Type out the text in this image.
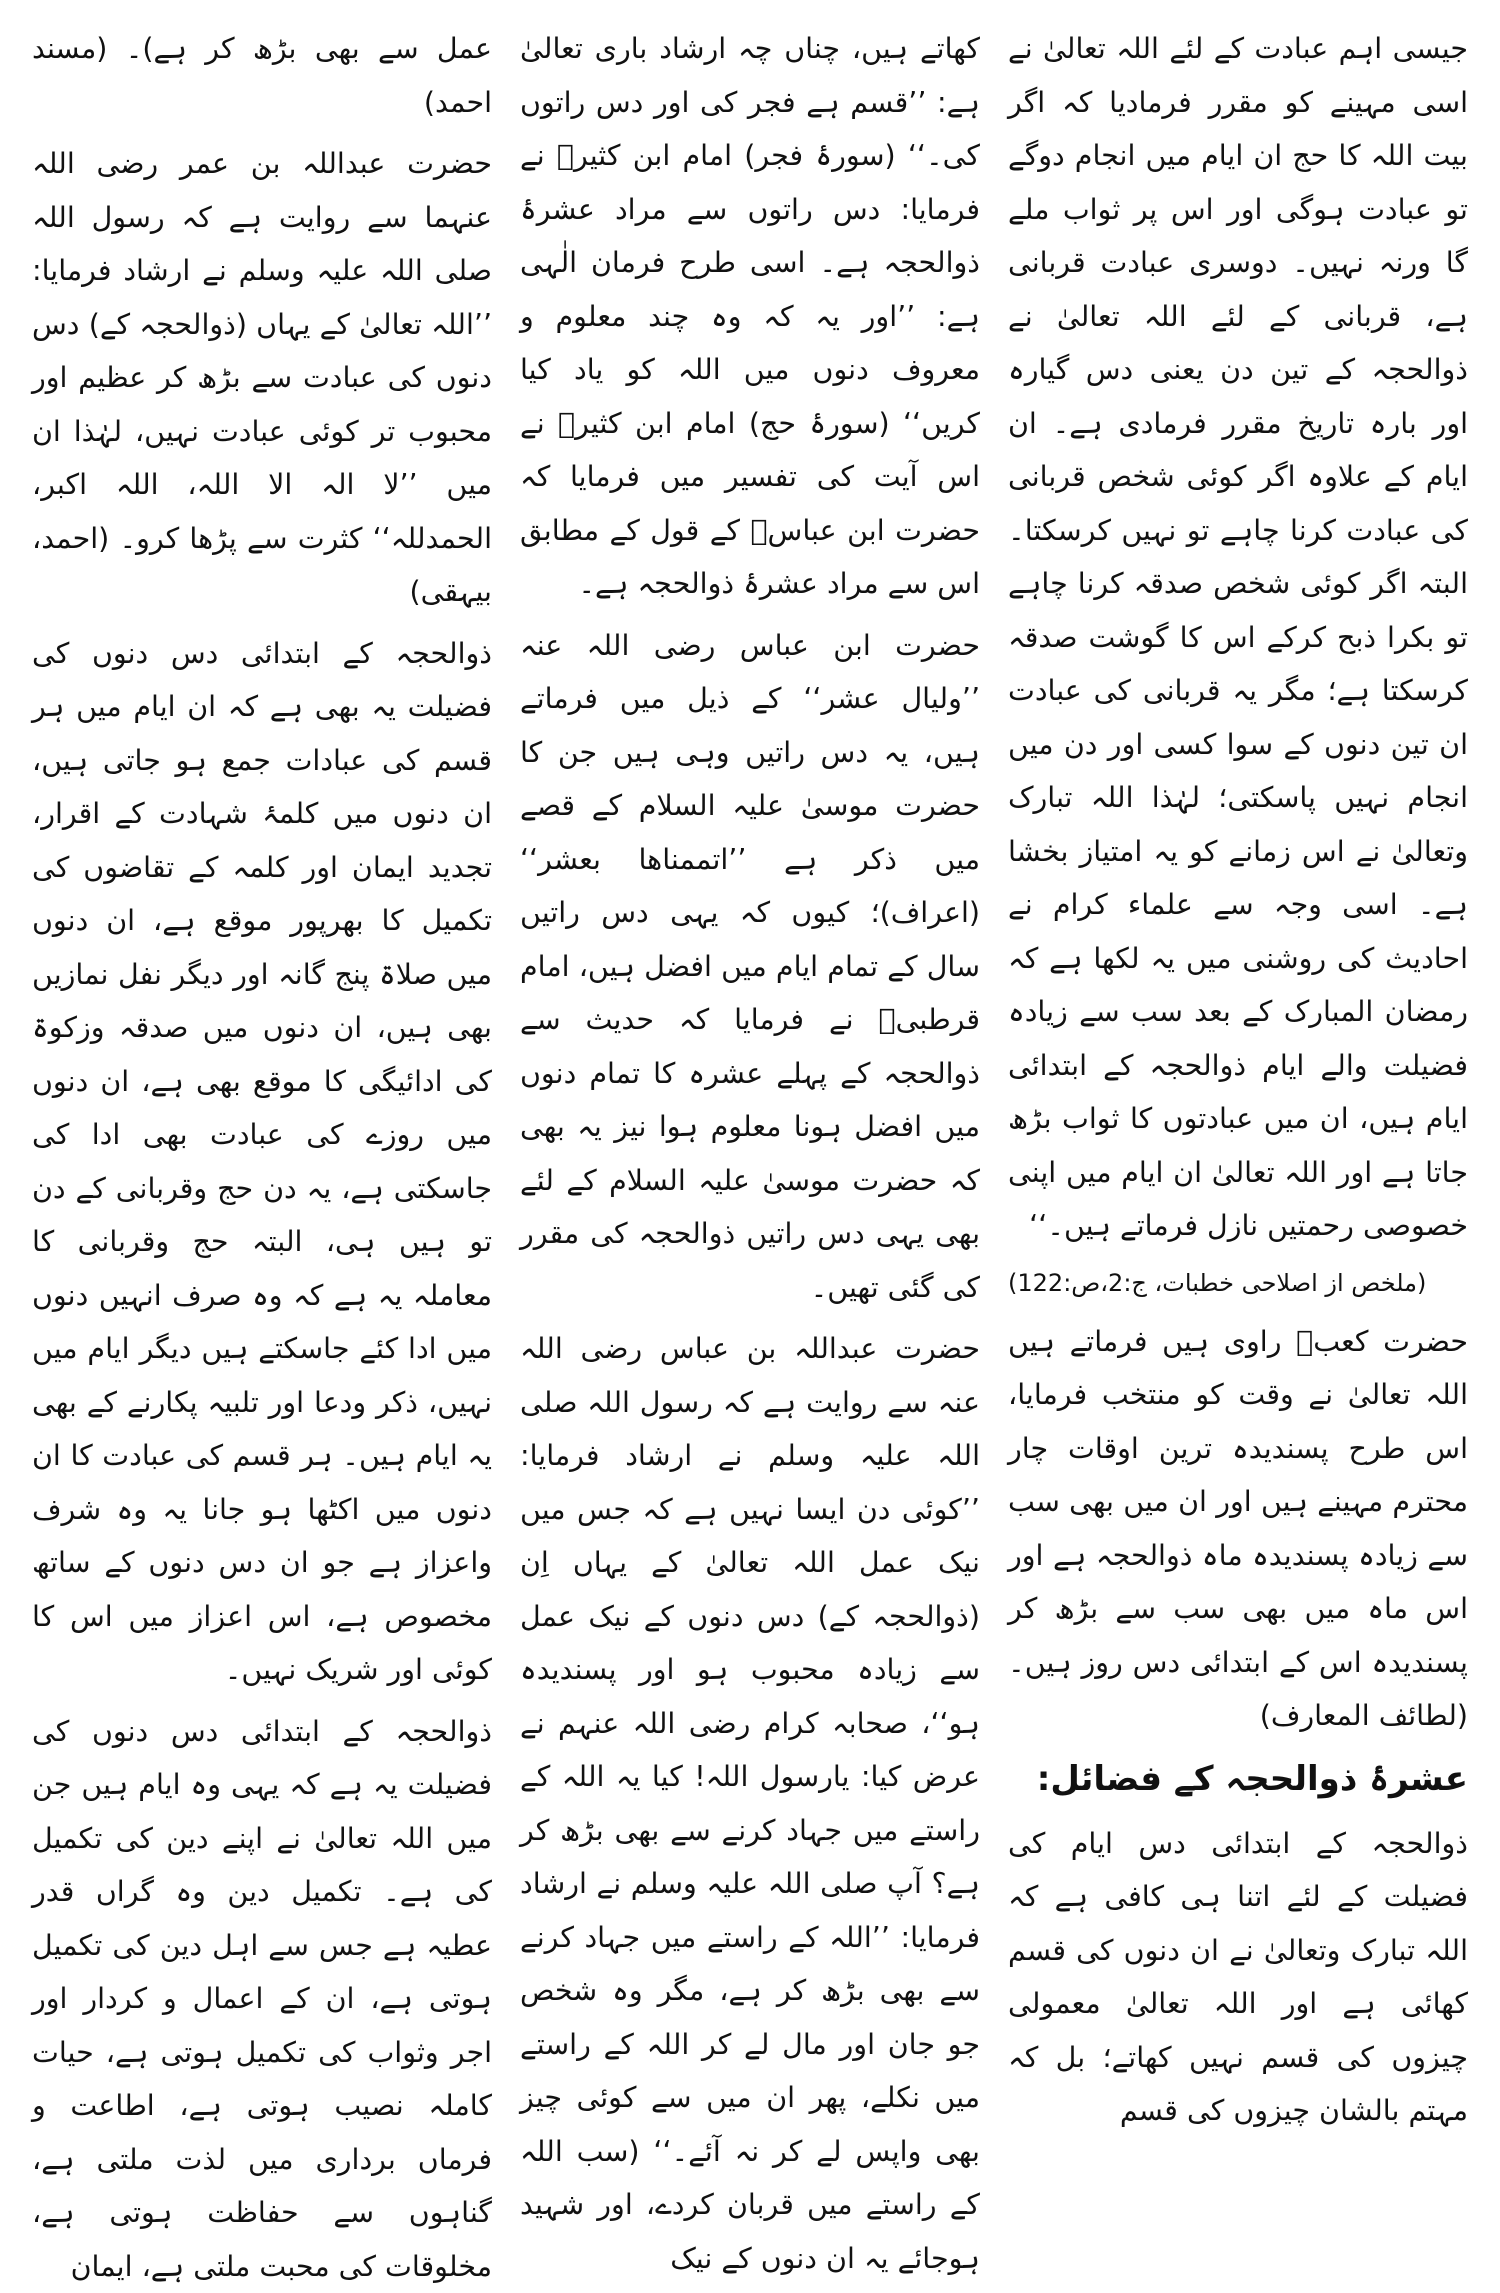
جیسی اہم عبادت کے لئے اللہ تعالیٰ نے اسی مہینے کو مقرر فرمادیا کہ اگر بیت اللہ کا حج ان ایام میں انجام دوگے تو عبادت ہوگی اور اس پر ثواب ملے گا ورنہ نہیں۔ دوسری عبادت قربانی ہے، قربانی کے لئے اللہ تعالیٰ نے ذوالحجہ کے تین دن یعنی دس گیارہ اور بارہ تاریخ مقرر فرمادی ہے۔ ان ایام کے علاوہ اگر کوئی شخص قربانی کی عبادت کرنا چاہے تو نہیں کرسکتا۔ البتہ اگر کوئی شخص صدقہ کرنا چاہے تو بکرا ذبح کرکے اس کا گوشت صدقہ کرسکتا ہے؛ مگر یہ قربانی کی عبادت ان تین دنوں کے سوا کسی اور دن میں انجام نہیں پاسکتی؛ لہٰذا اللہ تبارک وتعالیٰ نے اس زمانے کو یہ امتیاز بخشا ہے۔ اسی وجہ سے علماء کرام نے احادیث کی روشنی میں یہ لکھا ہے کہ رمضان المبارک کے بعد سب سے زیادہ فضیلت والے ایام ذوالحجہ کے ابتدائی ایام ہیں، ان میں عبادتوں کا ثواب بڑھ جاتا ہے اور اللہ تعالیٰ ان ایام میں اپنی خصوصی رحمتیں نازل فرماتے ہیں۔‘‘

(ملخص از اصلاحی خطبات، ج:2،ص:122)

حضرت کعبؓ راوی ہیں فرماتے ہیں اللہ تعالیٰ نے وقت کو منتخب فرمایا، اس طرح پسندیدہ ترین اوقات چار محترم مہینے ہیں اور ان میں بھی سب سے زیادہ پسندیدہ ماہ ذوالحجہ ہے اور اس ماہ میں بھی سب سے بڑھ کر پسندیدہ اس کے ابتدائی دس روز ہیں۔ (لطائف المعارف)

عشرۂ ذوالحجہ کے فضائل:

ذوالحجہ کے ابتدائی دس ایام کی فضیلت کے لئے اتنا ہی کافی ہے کہ اللہ تبارک وتعالیٰ نے ان دنوں کی قسم کھائی ہے اور اللہ تعالیٰ معمولی چیزوں کی قسم نہیں کھاتے؛ بل کہ مہتم بالشان چیزوں کی قسم

کھاتے ہیں، چناں چہ ارشاد باری تعالیٰ ہے: ’’قسم ہے فجر کی اور دس راتوں کی۔‘‘ (سورۂ فجر) امام ابن کثیرؒ نے فرمایا: دس راتوں سے مراد عشرۂ ذوالحجہ ہے۔ اسی طرح فرمان الٰہی ہے: ’’اور یہ کہ وہ چند معلوم و معروف دنوں میں اللہ کو یاد کیا کریں‘‘ (سورۂ حج) امام ابن کثیرؒ نے اس آیت کی تفسیر میں فرمایا کہ حضرت ابن عباسؓ کے قول کے مطابق اس سے مراد عشرۂ ذوالحجہ ہے۔

حضرت ابن عباس رضی اللہ عنہ ’’ولیال عشر‘‘ کے ذیل میں فرماتے ہیں، یہ دس راتیں وہی ہیں جن کا حضرت موسیٰ علیہ السلام کے قصے میں ذکر ہے ’’اتممناھا بعشر‘‘ (اعراف)؛ کیوں کہ یہی دس راتیں سال کے تمام ایام میں افضل ہیں، امام قرطبیؒ نے فرمایا کہ حدیث سے ذوالحجہ کے پہلے عشرہ کا تمام دنوں میں افضل ہونا معلوم ہوا نیز یہ بھی کہ حضرت موسیٰ علیہ السلام کے لئے بھی یہی دس راتیں ذوالحجہ کی مقرر کی گئی تھیں۔

حضرت عبداللہ بن عباس رضی اللہ عنہ سے روایت ہے کہ رسول اللہ صلی اللہ علیہ وسلم نے ارشاد فرمایا: ’’کوئی دن ایسا نہیں ہے کہ جس میں نیک عمل اللہ تعالیٰ کے یہاں اِن (ذوالحجہ کے) دس دنوں کے نیک عمل سے زیادہ محبوب ہو اور پسندیدہ ہو‘‘، صحابہ کرام رضی اللہ عنہم نے عرض کیا: یارسول اللہ! کیا یہ اللہ کے راستے میں جہاد کرنے سے بھی بڑھ کر ہے؟ آپ صلی اللہ علیہ وسلم نے ارشاد فرمایا: ’’اللہ کے راستے میں جہاد کرنے سے بھی بڑھ کر ہے، مگر وہ شخص جو جان اور مال لے کر اللہ کے راستے میں نکلے، پھر ان میں سے کوئی چیز بھی واپس لے کر نہ آئے۔‘‘ (سب اللہ کے راستے میں قربان کردے، اور شہید ہوجائے یہ ان دنوں کے نیک

عمل سے بھی بڑھ کر ہے)۔ (مسند احمد)

حضرت عبداللہ بن عمر رضی اللہ عنہما سے روایت ہے کہ رسول اللہ صلی اللہ علیہ وسلم نے ارشاد فرمایا: ’’اللہ تعالیٰ کے یہاں (ذوالحجہ کے) دس دنوں کی عبادت سے بڑھ کر عظیم اور محبوب تر کوئی عبادت نہیں، لہٰذا ان میں ’’لا الہ الا اللہ، اللہ اکبر، الحمدللہ‘‘ کثرت سے پڑھا کرو۔ (احمد، بیہقی)

ذوالحجہ کے ابتدائی دس دنوں کی فضیلت یہ بھی ہے کہ ان ایام میں ہر قسم کی عبادات جمع ہو جاتی ہیں، ان دنوں میں کلمۂ شہادت کے اقرار، تجدید ایمان اور کلمہ کے تقاضوں کی تکمیل کا بھرپور موقع ہے، ان دنوں میں صلاۃ پنج گانہ اور دیگر نفل نمازیں بھی ہیں، ان دنوں میں صدقہ وزکوۃ کی ادائیگی کا موقع بھی ہے، ان دنوں میں روزے کی عبادت بھی ادا کی جاسکتی ہے، یہ دن حج وقربانی کے دن تو ہیں ہی، البتہ حج وقربانی کا معاملہ یہ ہے کہ وہ صرف انہیں دنوں میں ادا کئے جاسکتے ہیں دیگر ایام میں نہیں، ذکر ودعا اور تلبیہ پکارنے کے بھی یہ ایام ہیں۔ ہر قسم کی عبادت کا ان دنوں میں اکٹھا ہو جانا یہ وہ شرف واعزاز ہے جو ان دس دنوں کے ساتھ مخصوص ہے، اس اعزاز میں اس کا کوئی اور شریک نہیں۔

ذوالحجہ کے ابتدائی دس دنوں کی فضیلت یہ ہے کہ یہی وہ ایام ہیں جن میں اللہ تعالیٰ نے اپنے دین کی تکمیل کی ہے۔ تکمیل دین وہ گراں قدر عطیہ ہے جس سے اہل دین کی تکمیل ہوتی ہے، ان کے اعمال و کردار اور اجر وثواب کی تکمیل ہوتی ہے، حیات کاملہ نصیب ہوتی ہے، اطاعت و فرماں برداری میں لذت ملتی ہے، گناہوں سے حفاظت ہوتی ہے، مخلوقات کی محبت ملتی ہے، ایمان
